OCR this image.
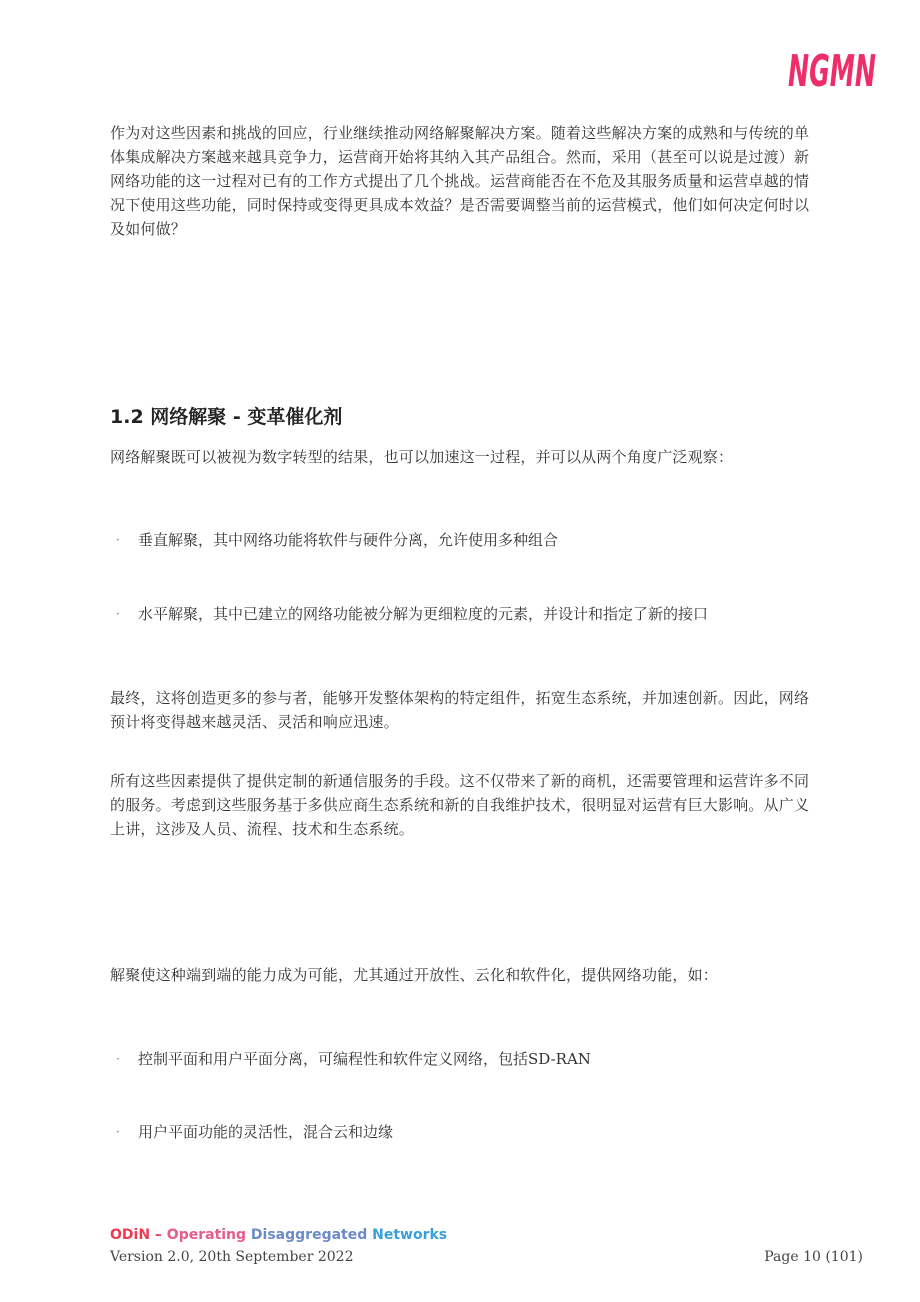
NGMN

作为对这些因素和挑战的回应，行业继续推动网络解聚解决方案。随着这些解决方案的成熟和与传统的单体集成解决方案越来越具竞争力，运营商开始将其纳入其产品组合。然而，采用（甚至可以说是过渡）新网络功能的这一过程对已有的工作方式提出了几个挑战。运营商能否在不危及其服务质量和运营卓越的情况下使用这些功能，同时保持或变得更具成本效益？是否需要调整当前的运营模式，他们如何决定何时以及如何做？

1.2 网络解聚 - 变革催化剂

网络解聚既可以被视为数字转型的结果，也可以加速这一过程，并可以从两个角度广泛观察：

·	垂直解聚，其中网络功能将软件与硬件分离，允许使用多种组合
·	水平解聚，其中已建立的网络功能被分解为更细粒度的元素，并设计和指定了新的接口

最终，这将创造更多的参与者，能够开发整体架构的特定组件，拓宽生态系统，并加速创新。因此，网络预计将变得越来越灵活、灵活和响应迅速。

所有这些因素提供了提供定制的新通信服务的手段。这不仅带来了新的商机，还需要管理和运营许多不同的服务。考虑到这些服务基于多供应商生态系统和新的自我维护技术，很明显对运营有巨大影响。从广义上讲，这涉及人员、流程、技术和生态系统。

解聚使这种端到端的能力成为可能，尤其通过开放性、云化和软件化，提供网络功能，如：

·	控制平面和用户平面分离，可编程性和软件定义网络，包括SD-RAN
·	用户平面功能的灵活性，混合云和边缘
ODiN – Operating Disaggregated Networks
Version 2.0, 20th September 2022	Page 10 (101)
